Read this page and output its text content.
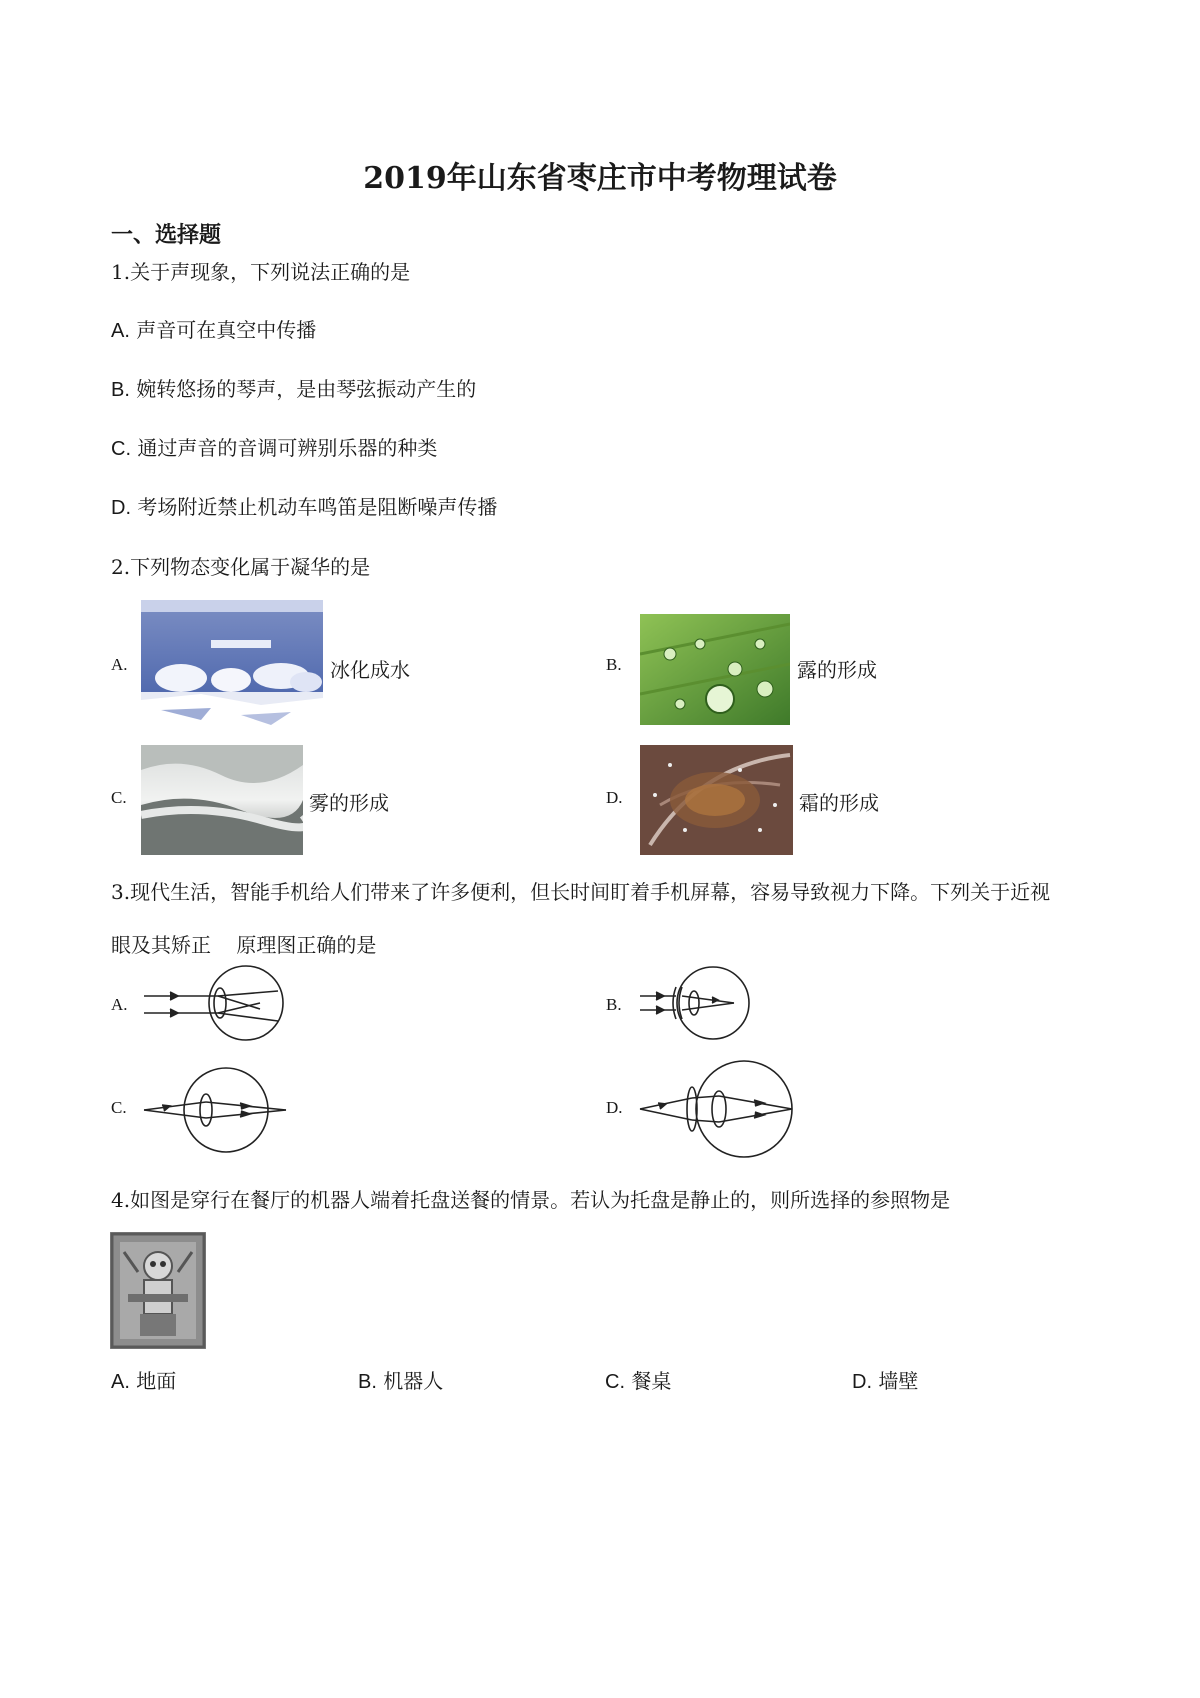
2019年山东省枣庄市中考物理试卷
一、选择题
1.关于声现象，下列说法正确的是
A. 声音可在真空中传播
B. 婉转悠扬的琴声，是由琴弦振动产生的
C. 通过声音的音调可辨别乐器的种类
D. 考场附近禁止机动车鸣笛是阻断噪声传播
2.下列物态变化属于凝华的是
A.	冰化成水	B.	露的形成
C.	雾的形成	D.	霜的形成
3.现代生活，智能手机给人们带来了许多便利，但长时间盯着手机屏幕，容易导致视力下降。下列关于近视
眼及其矫正    原理图正确的是
A.	B.
C.	D.
4.如图是穿行在餐厅的机器人端着托盘送餐的情景。若认为托盘是静止的，则所选择的参照物是
A. 地面	B. 机器人	C. 餐桌	D. 墙壁
